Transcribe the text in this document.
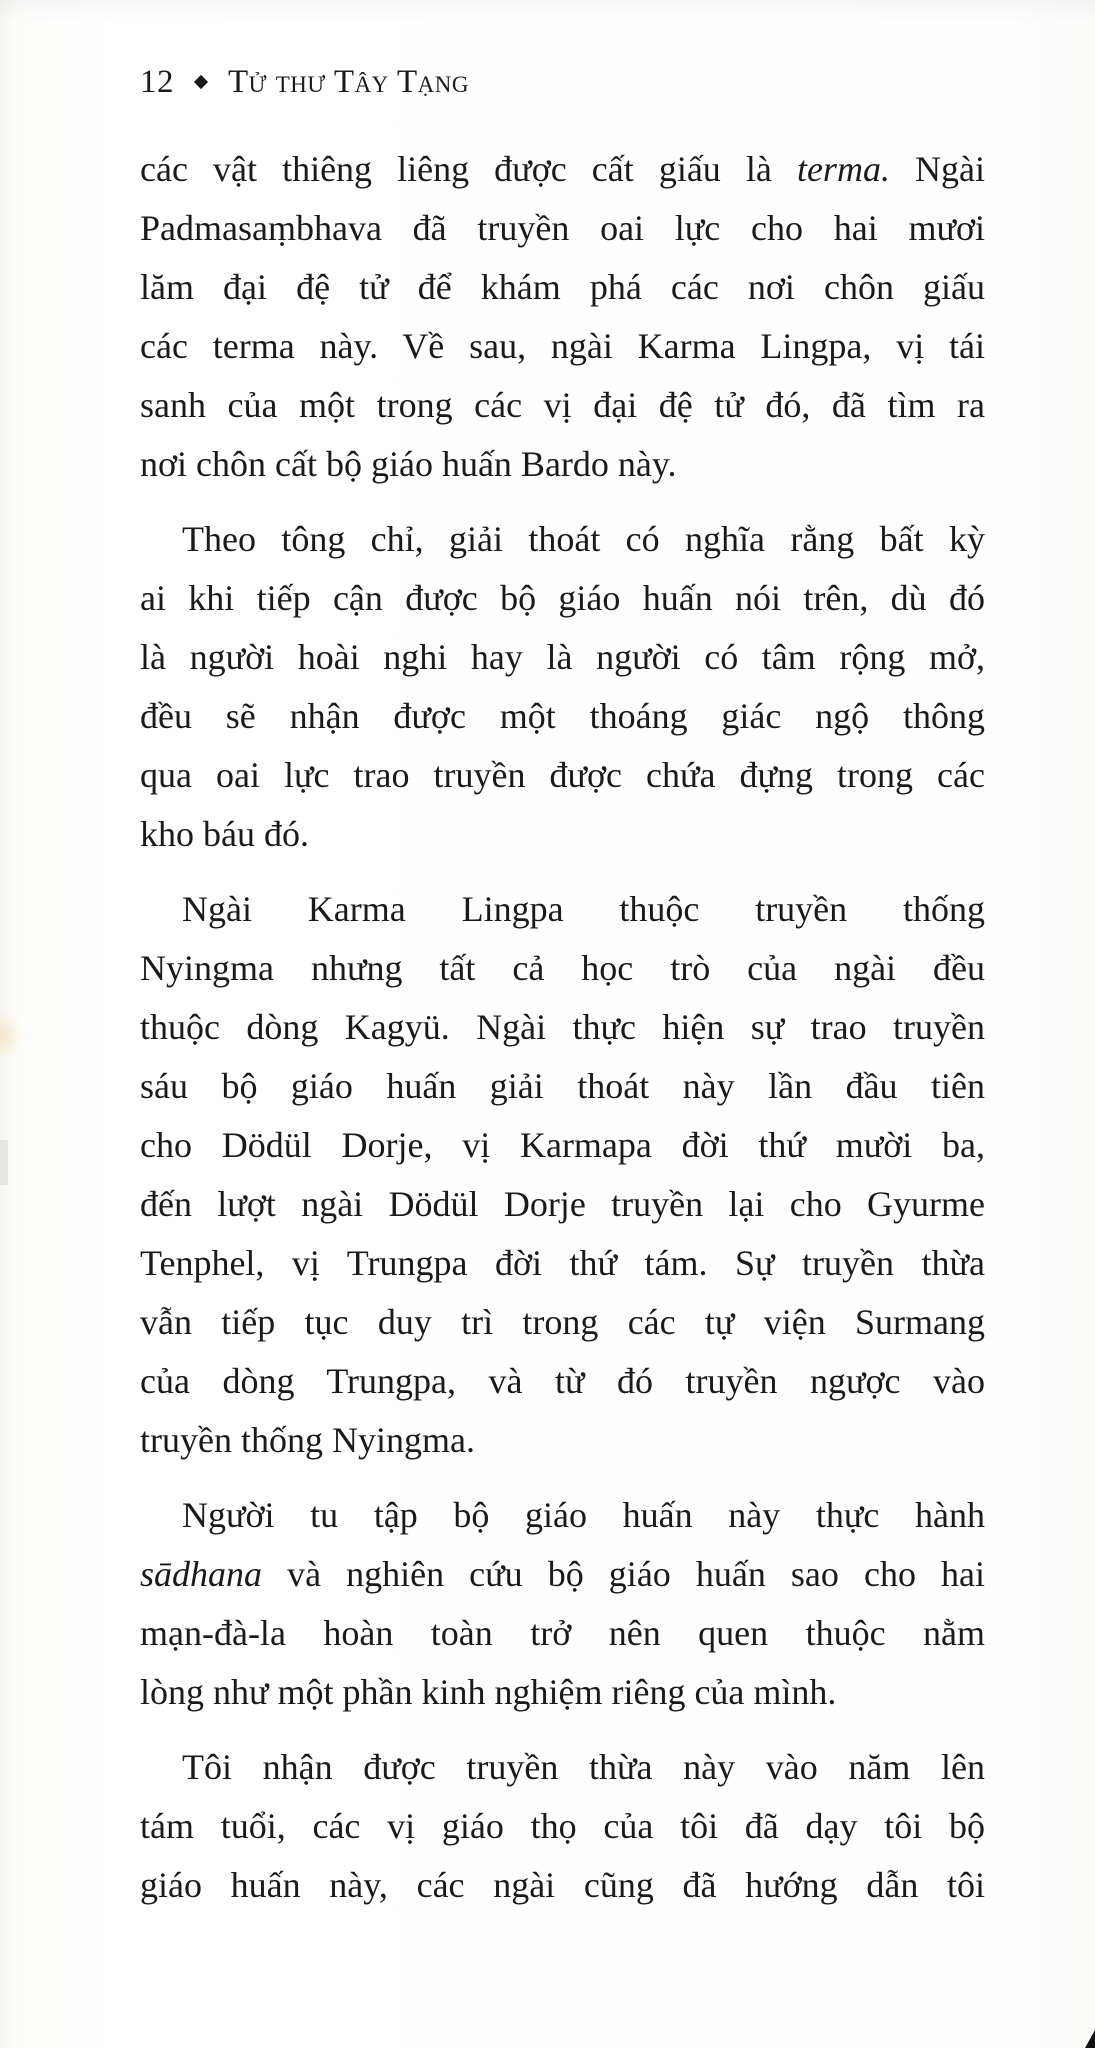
12 Tử thư Tây Tạng
các vật thiêng liêng được cất giấu là terma. Ngài
Padmasaṃbhava đã truyền oai lực cho hai mươi
lăm đại đệ tử để khám phá các nơi chôn giấu
các terma này. Về sau, ngài Karma Lingpa, vị tái
sanh của một trong các vị đại đệ tử đó, đã tìm ra
nơi chôn cất bộ giáo huấn Bardo này.
Theo tông chỉ, giải thoát có nghĩa rằng bất kỳ
ai khi tiếp cận được bộ giáo huấn nói trên, dù đó
là người hoài nghi hay là người có tâm rộng mở,
đều sẽ nhận được một thoáng giác ngộ thông
qua oai lực trao truyền được chứa đựng trong các
kho báu đó.
Ngài Karma Lingpa thuộc truyền thống
Nyingma nhưng tất cả học trò của ngài đều
thuộc dòng Kagyü. Ngài thực hiện sự trao truyền
sáu bộ giáo huấn giải thoát này lần đầu tiên
cho Dödül Dorje, vị Karmapa đời thứ mười ba,
đến lượt ngài Dödül Dorje truyền lại cho Gyurme
Tenphel, vị Trungpa đời thứ tám. Sự truyền thừa
vẫn tiếp tục duy trì trong các tự viện Surmang
của dòng Trungpa, và từ đó truyền ngược vào
truyền thống Nyingma.
Người tu tập bộ giáo huấn này thực hành
sādhana và nghiên cứu bộ giáo huấn sao cho hai
mạn-đà-la hoàn toàn trở nên quen thuộc nằm
lòng như một phần kinh nghiệm riêng của mình.
Tôi nhận được truyền thừa này vào năm lên
tám tuổi, các vị giáo thọ của tôi đã dạy tôi bộ
giáo huấn này, các ngài cũng đã hướng dẫn tôi
